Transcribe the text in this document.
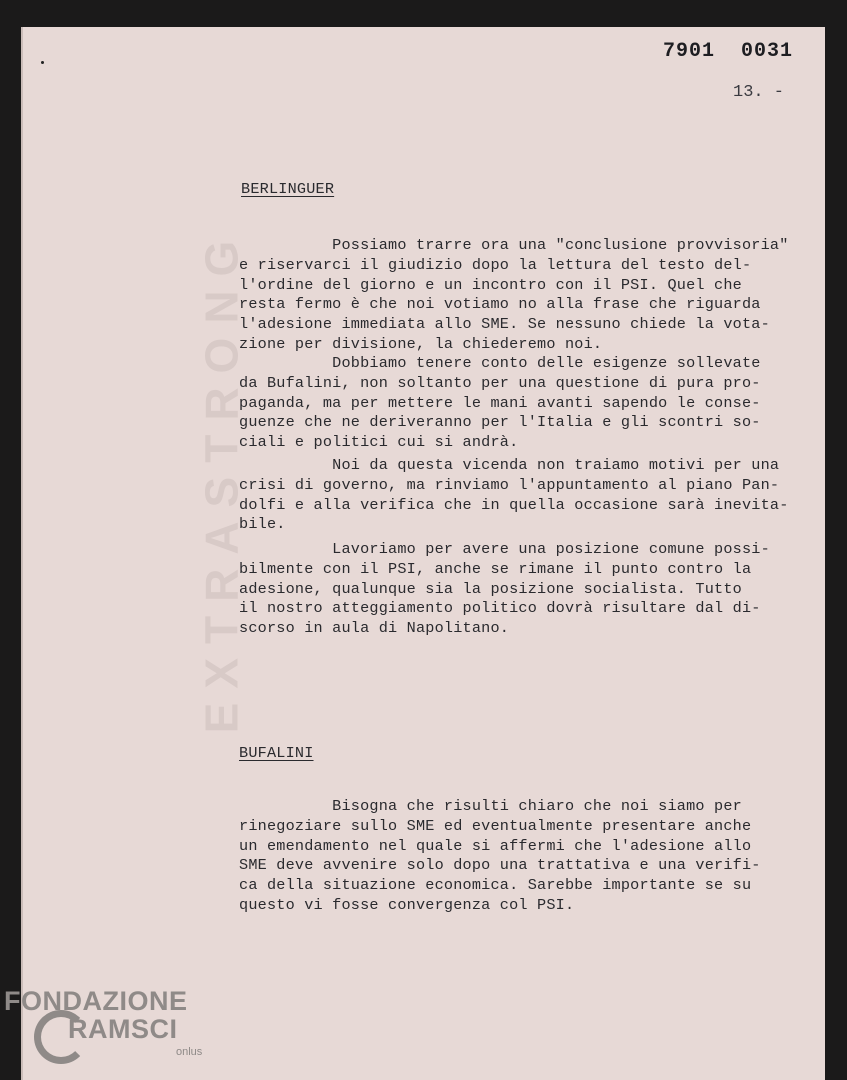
EXTRASTRONG
7901  0031
13. -
BERLINGUER
Possiamo trarre ora una "conclusione provvisoria"
e riservarci il giudizio dopo la lettura del testo del-
l'ordine del giorno e un incontro con il PSI. Quel che
resta fermo è che noi votiamo no alla frase che riguarda
l'adesione immediata allo SME. Se nessuno chiede la vota-
zione per divisione, la chiederemo noi.
Dobbiamo tenere conto delle esigenze sollevate
da Bufalini, non soltanto per una questione di pura pro-
paganda, ma per mettere le mani avanti sapendo le conse-
guenze che ne deriveranno per l'Italia e gli scontri so-
ciali e politici cui si andrà.
Noi da questa vicenda non traiamo motivi per una
crisi di governo, ma rinviamo l'appuntamento al piano Pan-
dolfi e alla verifica che in quella occasione sarà inevita-
bile.
Lavoriamo per avere una posizione comune possi-
bilmente con il PSI, anche se rimane il punto contro la
adesione, qualunque sia la posizione socialista. Tutto
il nostro atteggiamento politico dovrà risultare dal di-
scorso in aula di Napolitano.
BUFALINI
Bisogna che risulti chiaro che noi siamo per
rinegoziare sullo SME ed eventualmente presentare anche
un emendamento nel quale si affermi che l'adesione allo
SME deve avvenire solo dopo una trattativa e una verifi-
ca della situazione economica. Sarebbe importante se su
questo vi fosse convergenza col PSI.
FONDAZIONE
RAMSCI
onlus
